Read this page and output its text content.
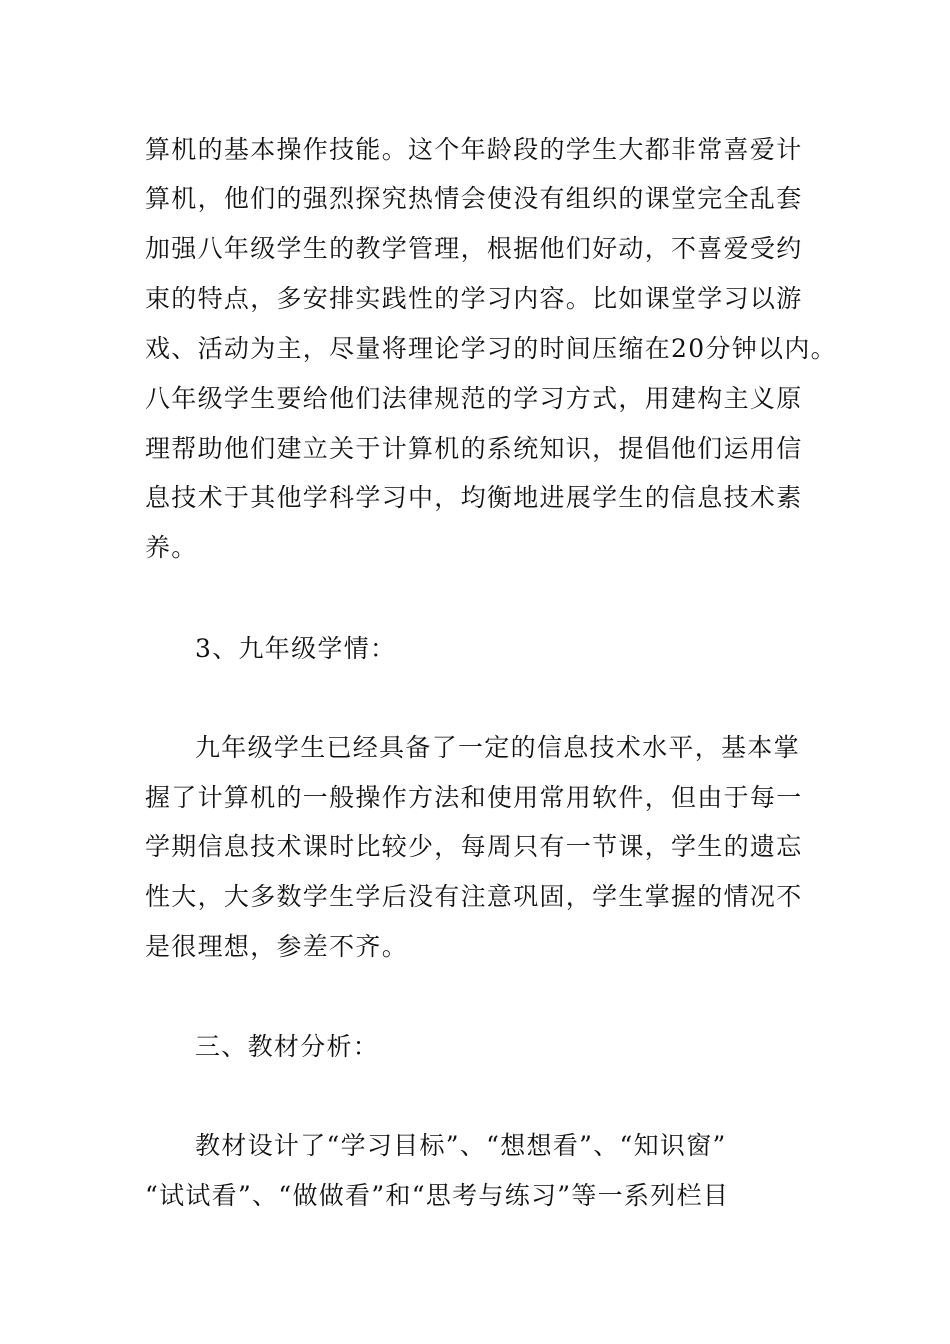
算机的基本操作技能。这个年龄段的学生大都非常喜爱计
算机，他们的强烈探究热情会使没有组织的课堂完全乱套
加强八年级学生的教学管理，根据他们好动，不喜爱受约
束的特点，多安排实践性的学习内容。比如课堂学习以游
戏、活动为主，尽量将理论学习的时间压缩在20分钟以内。
八年级学生要给他们法律规范的学习方式，用建构主义原
理帮助他们建立关于计算机的系统知识，提倡他们运用信
息技术于其他学科学习中，均衡地进展学生的信息技术素
养。
3、九年级学情：
九年级学生已经具备了一定的信息技术水平，基本掌
握了计算机的一般操作方法和使用常用软件，但由于每一
学期信息技术课时比较少，每周只有一节课，学生的遗忘
性大，大多数学生学后没有注意巩固，学生掌握的情况不
是很理想，参差不齐。
三、教材分析：
教材设计了“学习目标”、“想想看”、“知识窗”
“试试看”、“做做看”和“思考与练习”等一系列栏目
